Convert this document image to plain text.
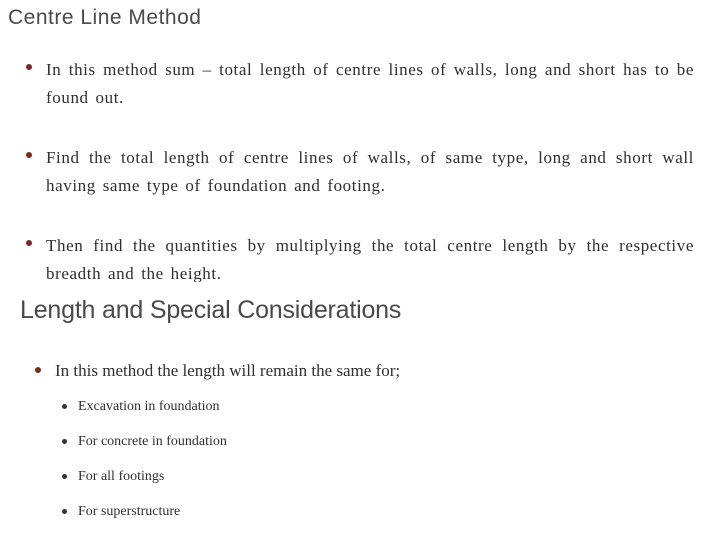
Centre Line Method
In this method sum – total length of centre lines of walls, long and short has to be found out.
Find the total length of centre lines of walls, of same type, long and short wall having same type of foundation and footing.
Then find the quantities by multiplying the total centre length by the respective breadth and the height.
Length and Special Considerations
In this method the length will remain the same for;
Excavation in foundation
For concrete in foundation
For all footings
For superstructure
